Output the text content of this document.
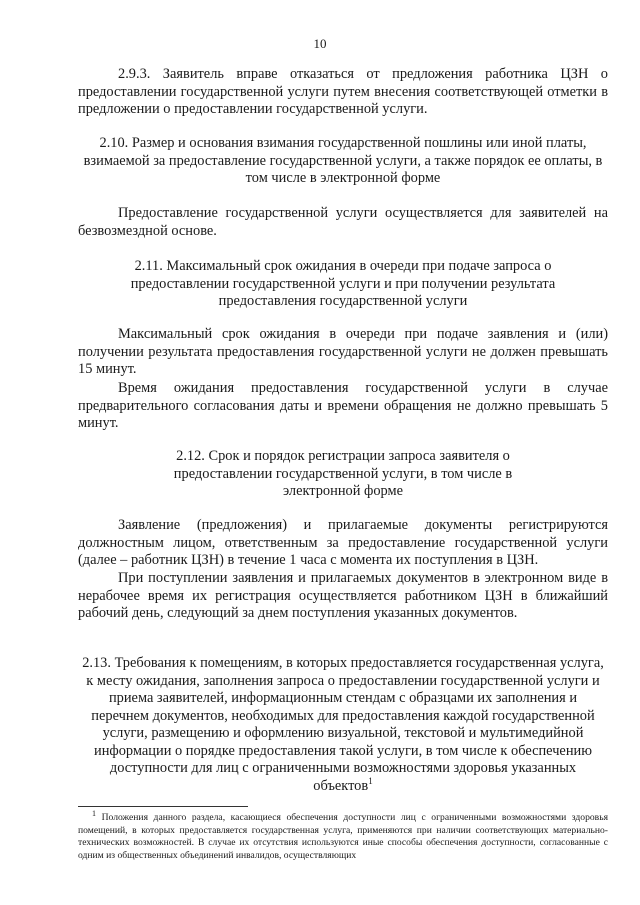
10

2.9.3. Заявитель вправе отказаться от предложения работника ЦЗН о предоставлении государственной услуги путем внесения соответствующей отметки в предложении о предоставлении государственной услуги.

2.10. Размер и основания взимания государственной пошлины или иной платы, взимаемой за предоставление государственной услуги, а также порядок ее оплаты, в том числе в электронной форме

Предоставление государственной услуги осуществляется для заявителей на безвозмездной основе.

2.11. Максимальный срок ожидания в очереди при подаче запроса о предоставлении государственной услуги и при получении результата предоставления государственной услуги

Максимальный срок ожидания в очереди при подаче заявления и (или) получении результата предоставления государственной услуги не должен превышать 15 минут.

Время ожидания предоставления государственной услуги в случае предварительного согласования даты и времени обращения не должно превышать 5 минут.

2.12. Срок и порядок регистрации запроса заявителя о предоставлении государственной услуги, в том числе в электронной форме

Заявление (предложения) и прилагаемые документы регистрируются должностным лицом, ответственным за предоставление государственной услуги (далее – работник ЦЗН) в течение 1 часа с момента их поступления в ЦЗН.

При поступлении заявления и прилагаемых документов в электронном виде в нерабочее время их регистрация осуществляется работником ЦЗН в ближайший рабочий день, следующий за днем поступления указанных документов.

2.13. Требования к помещениям, в которых предоставляется государственная услуга, к месту ожидания, заполнения запроса о предоставлении государственной услуги и приема заявителей, информационным стендам с образцами их заполнения и перечнем документов, необходимых для предоставления каждой государственной услуги, размещению и оформлению визуальной, текстовой и мультимедийной информации о порядке предоставления такой услуги, в том числе к обеспечению доступности для лиц с ограниченными возможностями здоровья указанных объектов$^1$

$^1$ Положения данного раздела, касающиеся обеспечения доступности лиц с ограниченными возможностями здоровья помещений, в которых предоставляется государственная услуга, применяются при наличии соответствующих материально-технических возможностей. В случае их отсутствия используются иные способы обеспечения доступности, согласованные с одним из общественных объединений инвалидов, осуществляющих
